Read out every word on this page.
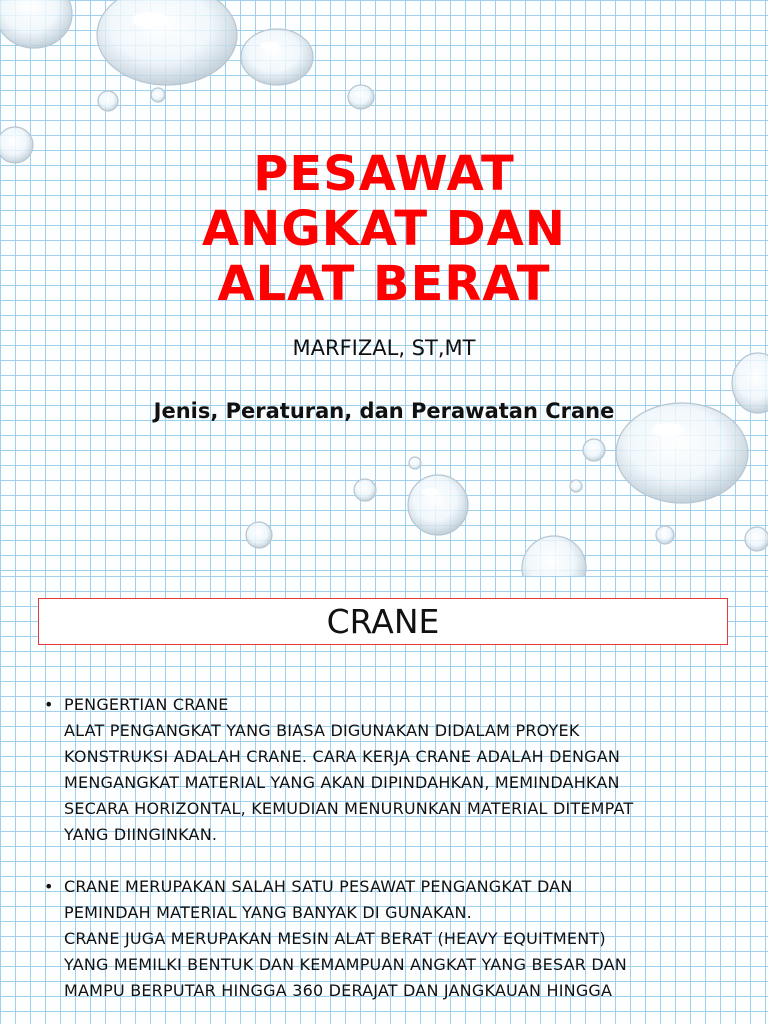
PESAWAT
ANGKAT DAN
ALAT BERAT
MARFIZAL, ST,MT
Jenis, Peraturan, dan Perawatan Crane
CRANE
• PENGERTIAN CRANE
ALAT PENGANGKAT YANG BIASA DIGUNAKAN DIDALAM PROYEK
KONSTRUKSI ADALAH CRANE. CARA KERJA CRANE ADALAH DENGAN
MENGANGKAT MATERIAL YANG AKAN DIPINDAHKAN, MEMINDAHKAN
SECARA HORIZONTAL, KEMUDIAN MENURUNKAN MATERIAL DITEMPAT
YANG DIINGINKAN.
• CRANE MERUPAKAN SALAH SATU PESAWAT PENGANGKAT DAN
PEMINDAH MATERIAL YANG BANYAK DI GUNAKAN.
CRANE JUGA MERUPAKAN MESIN ALAT BERAT (HEAVY EQUITMENT)
YANG MEMILKI BENTUK DAN KEMAMPUAN ANGKAT YANG BESAR DAN
MAMPU BERPUTAR HINGGA 360 DERAJAT DAN JANGKAUAN HINGGA
